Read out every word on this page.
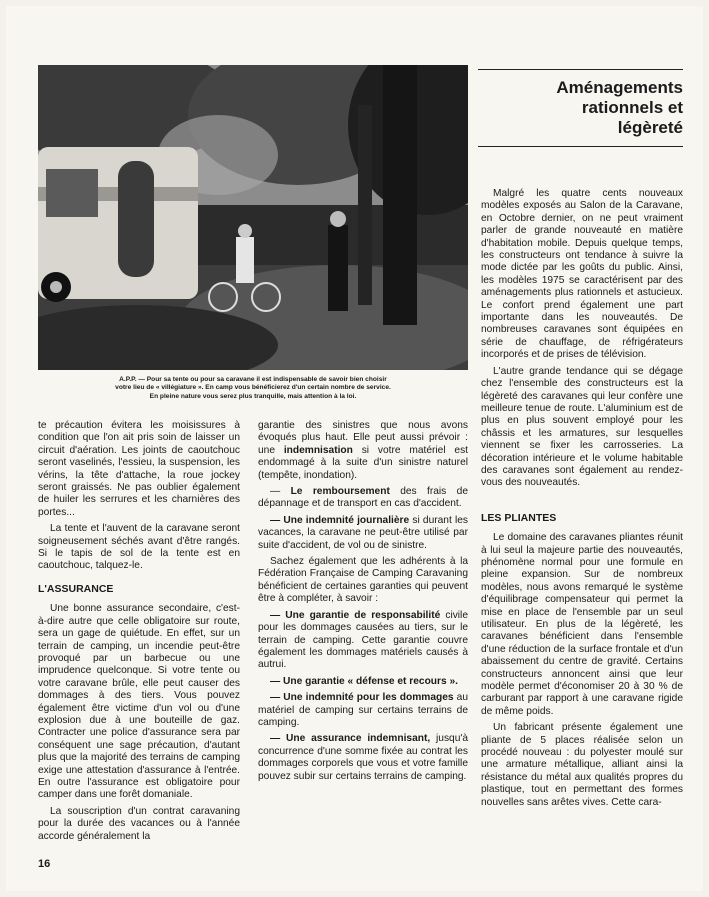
A.P.P. — Pour sa tente ou pour sa caravane il est indispensable de savoir bien choisir
votre lieu de « villégiature ». En camp vous bénéficierez d'un certain nombre de service.
En pleine nature vous serez plus tranquille, mais attention à la loi.
Aménagements
rationnels et
légèreté

te précaution évitera les moisissures à condition que l'on ait pris soin de laisser un circuit d'aération. Les joints de caoutchouc seront vaselinés, l'essieu, la suspension, les vérins, la tête d'attache, la roue jockey seront graissés. Ne pas oublier également de huiler les serrures et les charnières des portes...

La tente et l'auvent de la caravane seront soigneusement séchés avant d'être rangés. Si le tapis de sol de la tente est en caoutchouc, talquez-le.

L'ASSURANCE

Une bonne assurance secondaire, c'est-à-dire autre que celle obligatoire sur route, sera un gage de quiétude. En effet, sur un terrain de camping, un incendie peut-être provoqué par un barbecue ou une imprudence quelconque. Si votre tente ou votre caravane brûle, elle peut causer des dommages à des tiers. Vous pouvez également être victime d'un vol ou d'une explosion due à une bouteille de gaz. Contracter une police d'assurance sera par conséquent une sage précaution, d'autant plus que la majorité des terrains de camping exige une attestation d'assurance à l'entrée. En outre l'assurance est obligatoire pour camper dans une forêt domaniale.

La souscription d'un contrat caravaning pour la durée des vacances ou à l'année accorde généralement la

garantie des sinistres que nous avons évoqués plus haut. Elle peut aussi prévoir : une indemnisation si votre matériel est endommagé à la suite d'un sinistre naturel (tempête, inondation).

— Le remboursement des frais de dépannage et de transport en cas d'accident.

— Une indemnité journalière si durant les vacances, la caravane ne peut-être utilisé par suite d'accident, de vol ou de sinistre.

Sachez également que les adhérents à la Fédération Française de Camping Caravaning bénéficient de certaines garanties qui peuvent être à compléter, à savoir :

— Une garantie de responsabilité civile pour les dommages causées au tiers, sur le terrain de camping. Cette garantie couvre également les dommages matériels causés à autrui.

— Une garantie « défense et recours ».

— Une indemnité pour les dommages au matériel de camping sur certains terrains de camping.

— Une assurance indemnisant, jusqu'à concurrence d'une somme fixée au contrat les dommages corporels que vous et votre famille pouvez subir sur certains terrains de camping.

Malgré les quatre cents nouveaux modèles exposés au Salon de la Caravane, en Octobre dernier, on ne peut vraiment parler de grande nouveauté en matière d'habitation mobile. Depuis quelque temps, les constructeurs ont tendance à suivre la mode dictée par les goûts du public. Ainsi, les modèles 1975 se caractérisent par des aménagements plus rationnels et astucieux. Le confort prend également une part importante dans les nouveautés. De nombreuses caravanes sont équipées en série de chauffage, de réfrigérateurs incorporés et de prises de télévision.

L'autre grande tendance qui se dégage chez l'ensemble des constructeurs est la légèreté des caravanes qui leur confère une meilleure tenue de route. L'aluminium est de plus en plus souvent employé pour les châssis et les armatures, sur lesquelles viennent se fixer les carrosseries. La décoration intérieure et le volume habitable des caravanes sont également au rendez-vous des nouveautés.

LES PLIANTES

Le domaine des caravanes pliantes réunit à lui seul la majeure partie des nouveautés, phénomène normal pour une formule en pleine expansion. Sur de nombreux modèles, nous avons remarqué le système d'équilibrage compensateur qui permet la mise en place de l'ensemble par un seul utilisateur. En plus de la légèreté, les caravanes bénéficient dans l'ensemble d'une réduction de la surface frontale et d'un abaissement du centre de gravité. Certains constructeurs annoncent ainsi que leur modèle permet d'économiser 20 à 30 % de carburant par rapport à une caravane rigide de même poids.

Un fabricant présente également une pliante de 5 places réalisée selon un procédé nouveau : du polyester moulé sur une armature métallique, alliant ainsi la résistance du métal aux qualités propres du plastique, tout en permettant des formes nouvelles sans arêtes vives. Cette cara-

16
